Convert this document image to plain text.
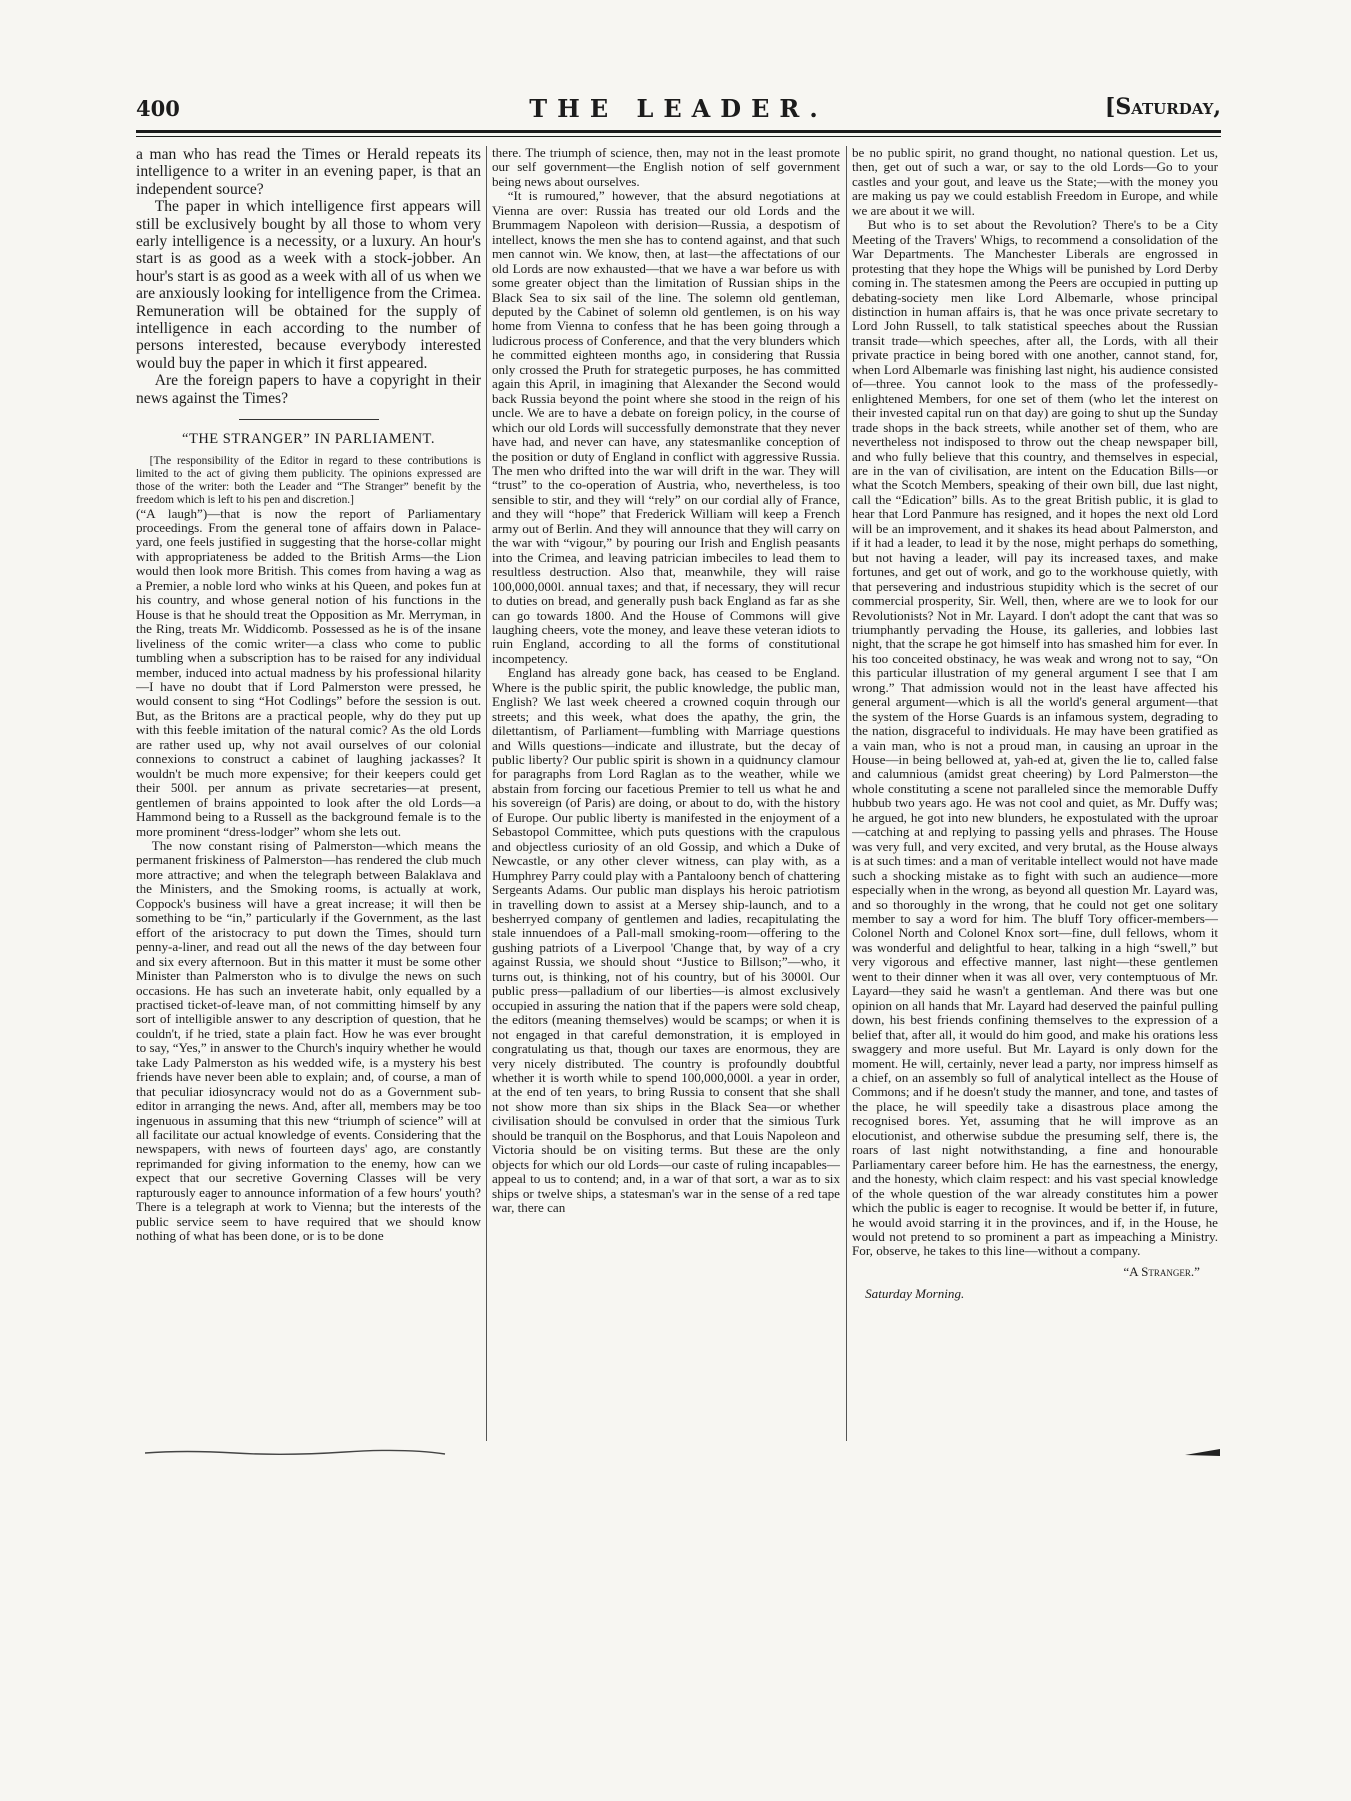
400	THE LEADER.	[Saturday,

a man who has read the Times or Herald repeats its intelligence to a writer in an evening paper, is that an independent source?

The paper in which intelligence first appears will still be exclusively bought by all those to whom very early intelligence is a necessity, or a luxury. An hour's start is as good as a week with a stock-jobber. An hour's start is as good as a week with all of us when we are anxiously looking for intelligence from the Crimea. Remuneration will be obtained for the supply of intelligence in each according to the number of persons interested, because everybody interested would buy the paper in which it first appeared.

Are the foreign papers to have a copyright in their news against the Times?

“THE STRANGER” IN PARLIAMENT.

[The responsibility of the Editor in regard to these contributions is limited to the act of giving them publicity. The opinions expressed are those of the writer: both the Leader and “The Stranger” benefit by the freedom which is left to his pen and discretion.]

(“A laugh”)—that is now the report of Parliamentary proceedings. From the general tone of affairs down in Palace-yard, one feels justified in suggesting that the horse-collar might with appropriateness be added to the British Arms—the Lion would then look more British. This comes from having a wag as a Premier, a noble lord who winks at his Queen, and pokes fun at his country, and whose general notion of his functions in the House is that he should treat the Opposition as Mr. Merryman, in the Ring, treats Mr. Widdicomb. Possessed as he is of the insane liveliness of the comic writer—a class who come to public tumbling when a subscription has to be raised for any individual member, induced into actual madness by his professional hilarity—I have no doubt that if Lord Palmerston were pressed, he would consent to sing “Hot Codlings” before the session is out. But, as the Britons are a practical people, why do they put up with this feeble imitation of the natural comic? As the old Lords are rather used up, why not avail ourselves of our colonial connexions to construct a cabinet of laughing jackasses? It wouldn't be much more expensive; for their keepers could get their 500l. per annum as private secretaries—at present, gentlemen of brains appointed to look after the old Lords—a Hammond being to a Russell as the background female is to the more prominent “dress-lodger” whom she lets out.

The now constant rising of Palmerston—which means the permanent friskiness of Palmerston—has rendered the club much more attractive; and when the telegraph between Balaklava and the Ministers, and the Smoking rooms, is actually at work, Coppock's business will have a great increase; it will then be something to be “in,” particularly if the Government, as the last effort of the aristocracy to put down the Times, should turn penny-a-liner, and read out all the news of the day between four and six every afternoon. But in this matter it must be some other Minister than Palmerston who is to divulge the news on such occasions. He has such an inveterate habit, only equalled by a practised ticket-of-leave man, of not committing himself by any sort of intelligible answer to any description of question, that he couldn't, if he tried, state a plain fact. How he was ever brought to say, “Yes,” in answer to the Church's inquiry whether he would take Lady Palmerston as his wedded wife, is a mystery his best friends have never been able to explain; and, of course, a man of that peculiar idiosyncracy would not do as a Government sub-editor in arranging the news. And, after all, members may be too ingenuous in assuming that this new “triumph of science” will at all facilitate our actual knowledge of events. Considering that the newspapers, with news of fourteen days' ago, are constantly reprimanded for giving information to the enemy, how can we expect that our secretive Governing Classes will be very rapturously eager to announce information of a few hours' youth? There is a telegraph at work to Vienna; but the interests of the public service seem to have required that we should know nothing of what has been done, or is to be done

there. The triumph of science, then, may not in the least promote our self government—the English notion of self government being news about ourselves.

“It is rumoured,” however, that the absurd negotiations at Vienna are over: Russia has treated our old Lords and the Brummagem Napoleon with derision—Russia, a despotism of intellect, knows the men she has to contend against, and that such men cannot win. We know, then, at last—the affectations of our old Lords are now exhausted—that we have a war before us with some greater object than the limitation of Russian ships in the Black Sea to six sail of the line. The solemn old gentleman, deputed by the Cabinet of solemn old gentlemen, is on his way home from Vienna to confess that he has been going through a ludicrous process of Conference, and that the very blunders which he committed eighteen months ago, in considering that Russia only crossed the Pruth for strategetic purposes, he has committed again this April, in imagining that Alexander the Second would back Russia beyond the point where she stood in the reign of his uncle. We are to have a debate on foreign policy, in the course of which our old Lords will successfully demonstrate that they never have had, and never can have, any statesmanlike conception of the position or duty of England in conflict with aggressive Russia. The men who drifted into the war will drift in the war. They will “trust” to the co-operation of Austria, who, nevertheless, is too sensible to stir, and they will “rely” on our cordial ally of France, and they will “hope” that Frederick William will keep a French army out of Berlin. And they will announce that they will carry on the war with “vigour,” by pouring our Irish and English peasants into the Crimea, and leaving patrician imbeciles to lead them to resultless destruction. Also that, meanwhile, they will raise 100,000,000l. annual taxes; and that, if necessary, they will recur to duties on bread, and generally push back England as far as she can go towards 1800. And the House of Commons will give laughing cheers, vote the money, and leave these veteran idiots to ruin England, according to all the forms of constitutional incompetency.

England has already gone back, has ceased to be England. Where is the public spirit, the public knowledge, the public man, English? We last week cheered a crowned coquin through our streets; and this week, what does the apathy, the grin, the dilettantism, of Parliament—fumbling with Marriage questions and Wills questions—indicate and illustrate, but the decay of public liberty? Our public spirit is shown in a quidnuncy clamour for paragraphs from Lord Raglan as to the weather, while we abstain from forcing our facetious Premier to tell us what he and his sovereign (of Paris) are doing, or about to do, with the history of Europe. Our public liberty is manifested in the enjoyment of a Sebastopol Committee, which puts questions with the crapulous and objectless curiosity of an old Gossip, and which a Duke of Newcastle, or any other clever witness, can play with, as a Humphrey Parry could play with a Pantaloony bench of chattering Sergeants Adams. Our public man displays his heroic patriotism in travelling down to assist at a Mersey ship-launch, and to a besherryed company of gentlemen and ladies, recapitulating the stale innuendoes of a Pall-mall smoking-room—offering to the gushing patriots of a Liverpool 'Change that, by way of a cry against Russia, we should shout “Justice to Billson;”—who, it turns out, is thinking, not of his country, but of his 3000l. Our public press—palladium of our liberties—is almost exclusively occupied in assuring the nation that if the papers were sold cheap, the editors (meaning themselves) would be scamps; or when it is not engaged in that careful demonstration, it is employed in congratulating us that, though our taxes are enormous, they are very nicely distributed. The country is profoundly doubtful whether it is worth while to spend 100,000,000l. a year in order, at the end of ten years, to bring Russia to consent that she shall not show more than six ships in the Black Sea—or whether civilisation should be convulsed in order that the simious Turk should be tranquil on the Bosphorus, and that Louis Napoleon and Victoria should be on visiting terms. But these are the only objects for which our old Lords—our caste of ruling incapables—appeal to us to contend; and, in a war of that sort, a war as to six ships or twelve ships, a statesman's war in the sense of a red tape war, there can

be no public spirit, no grand thought, no national question. Let us, then, get out of such a war, or say to the old Lords—Go to your castles and your gout, and leave us the State;—with the money you are making us pay we could establish Freedom in Europe, and while we are about it we will.

But who is to set about the Revolution? There's to be a City Meeting of the Travers' Whigs, to recommend a consolidation of the War Departments. The Manchester Liberals are engrossed in protesting that they hope the Whigs will be punished by Lord Derby coming in. The statesmen among the Peers are occupied in putting up debating-society men like Lord Albemarle, whose principal distinction in human affairs is, that he was once private secretary to Lord John Russell, to talk statistical speeches about the Russian transit trade—which speeches, after all, the Lords, with all their private practice in being bored with one another, cannot stand, for, when Lord Albemarle was finishing last night, his audience consisted of—three. You cannot look to the mass of the professedly-enlightened Members, for one set of them (who let the interest on their invested capital run on that day) are going to shut up the Sunday trade shops in the back streets, while another set of them, who are nevertheless not indisposed to throw out the cheap newspaper bill, and who fully believe that this country, and themselves in especial, are in the van of civilisation, are intent on the Education Bills—or what the Scotch Members, speaking of their own bill, due last night, call the “Edication” bills. As to the great British public, it is glad to hear that Lord Panmure has resigned, and it hopes the next old Lord will be an improvement, and it shakes its head about Palmerston, and if it had a leader, to lead it by the nose, might perhaps do something, but not having a leader, will pay its increased taxes, and make fortunes, and get out of work, and go to the workhouse quietly, with that persevering and industrious stupidity which is the secret of our commercial prosperity, Sir. Well, then, where are we to look for our Revolutionists? Not in Mr. Layard. I don't adopt the cant that was so triumphantly pervading the House, its galleries, and lobbies last night, that the scrape he got himself into has smashed him for ever. In his too conceited obstinacy, he was weak and wrong not to say, “On this particular illustration of my general argument I see that I am wrong.” That admission would not in the least have affected his general argument—which is all the world's general argument—that the system of the Horse Guards is an infamous system, degrading to the nation, disgraceful to individuals. He may have been gratified as a vain man, who is not a proud man, in causing an uproar in the House—in being bellowed at, yah-ed at, given the lie to, called false and calumnious (amidst great cheering) by Lord Palmerston—the whole constituting a scene not paralleled since the memorable Duffy hubbub two years ago. He was not cool and quiet, as Mr. Duffy was; he argued, he got into new blunders, he expostulated with the uproar—catching at and replying to passing yells and phrases. The House was very full, and very excited, and very brutal, as the House always is at such times: and a man of veritable intellect would not have made such a shocking mistake as to fight with such an audience—more especially when in the wrong, as beyond all question Mr. Layard was, and so thoroughly in the wrong, that he could not get one solitary member to say a word for him. The bluff Tory officer-members—Colonel North and Colonel Knox sort—fine, dull fellows, whom it was wonderful and delightful to hear, talking in a high “swell,” but very vigorous and effective manner, last night—these gentlemen went to their dinner when it was all over, very contemptuous of Mr. Layard—they said he wasn't a gentleman. And there was but one opinion on all hands that Mr. Layard had deserved the painful pulling down, his best friends confining themselves to the expression of a belief that, after all, it would do him good, and make his orations less swaggery and more useful. But Mr. Layard is only down for the moment. He will, certainly, never lead a party, nor impress himself as a chief, on an assembly so full of analytical intellect as the House of Commons; and if he doesn't study the manner, and tone, and tastes of the place, he will speedily take a disastrous place among the recognised bores. Yet, assuming that he will improve as an elocutionist, and otherwise subdue the presuming self, there is, the roars of last night notwithstanding, a fine and honourable Parliamentary career before him. He has the earnestness, the energy, and the honesty, which claim respect: and his vast special knowledge of the whole question of the war already constitutes him a power which the public is eager to recognise. It would be better if, in future, he would avoid starring it in the provinces, and if, in the House, he would not pretend to so prominent a part as impeaching a Ministry. For, observe, he takes to this line—without a company.

“A Stranger.”
Saturday Morning.
